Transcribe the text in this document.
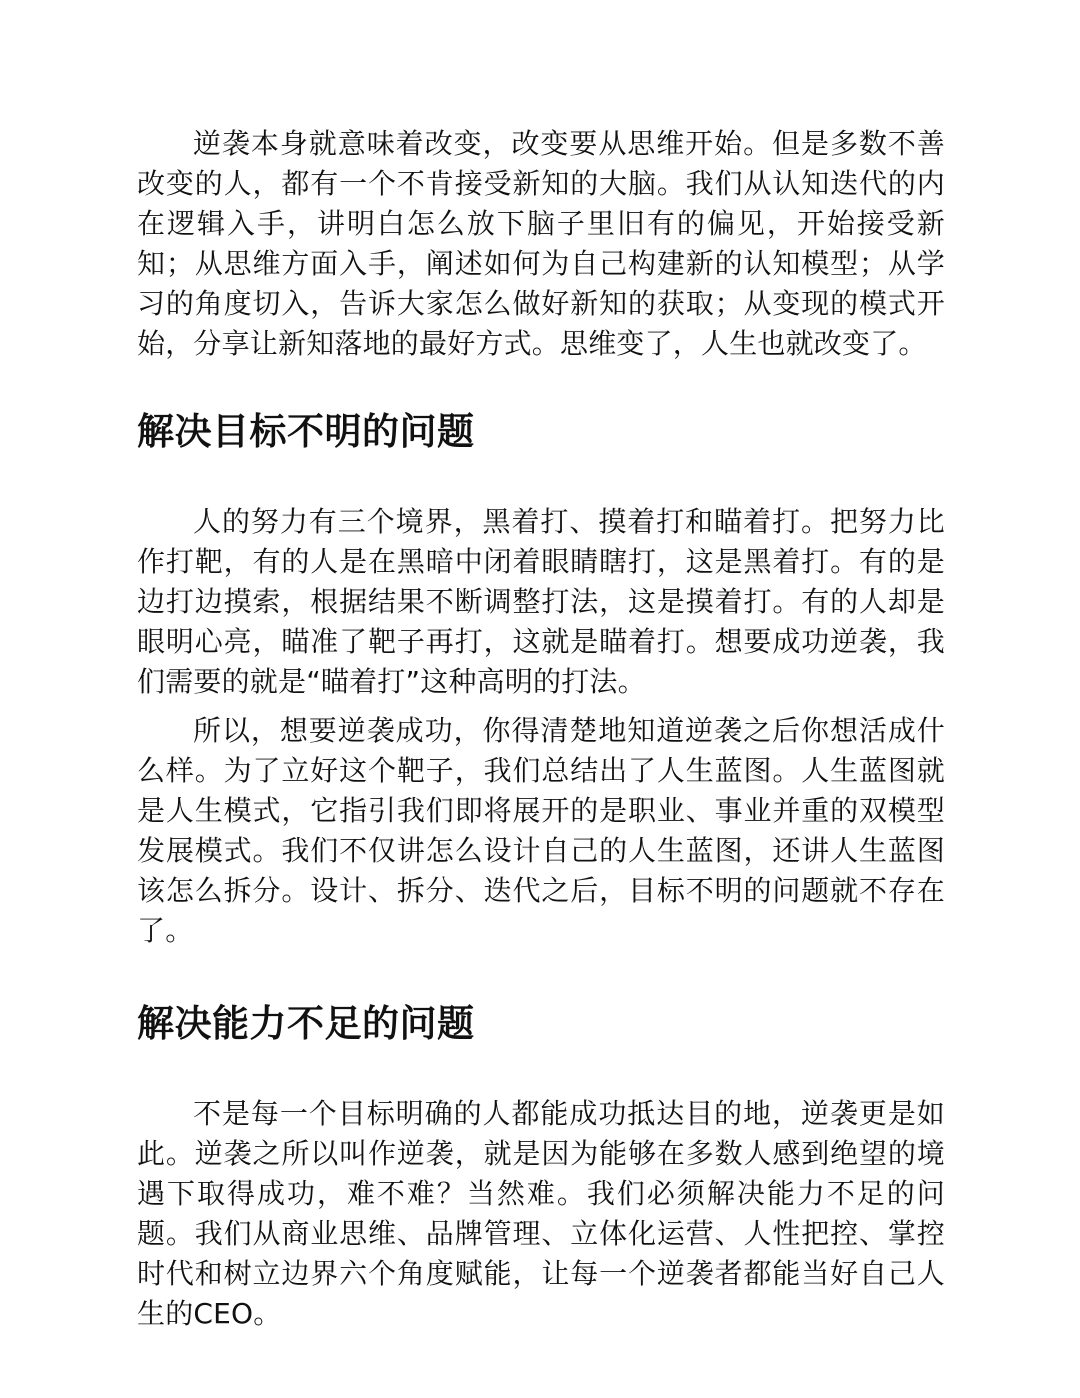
逆袭本身就意味着改变，改变要从思维开始。但是多数不善改变的人，都有一个不肯接受新知的大脑。我们从认知迭代的内在逻辑入手，讲明白怎么放下脑子里旧有的偏见，开始接受新知；从思维方面入手，阐述如何为自己构建新的认知模型；从学习的角度切入，告诉大家怎么做好新知的获取；从变现的模式开始，分享让新知落地的最好方式。思维变了，人生也就改变了。

解决目标不明的问题

人的努力有三个境界，黑着打、摸着打和瞄着打。把努力比作打靶，有的人是在黑暗中闭着眼睛瞎打，这是黑着打。有的是边打边摸索，根据结果不断调整打法，这是摸着打。有的人却是眼明心亮，瞄准了靶子再打，这就是瞄着打。想要成功逆袭，我们需要的就是“瞄着打”这种高明的打法。

所以，想要逆袭成功，你得清楚地知道逆袭之后你想活成什么样。为了立好这个靶子，我们总结出了人生蓝图。人生蓝图就是人生模式，它指引我们即将展开的是职业、事业并重的双模型发展模式。我们不仅讲怎么设计自己的人生蓝图，还讲人生蓝图该怎么拆分。设计、拆分、迭代之后，目标不明的问题就不存在了。

解决能力不足的问题

不是每一个目标明确的人都能成功抵达目的地，逆袭更是如此。逆袭之所以叫作逆袭，就是因为能够在多数人感到绝望的境遇下取得成功，难不难？当然难。我们必须解决能力不足的问题。我们从商业思维、品牌管理、立体化运营、人性把控、掌控时代和树立边界六个角度赋能，让每一个逆袭者都能当好自己人生的CEO。
